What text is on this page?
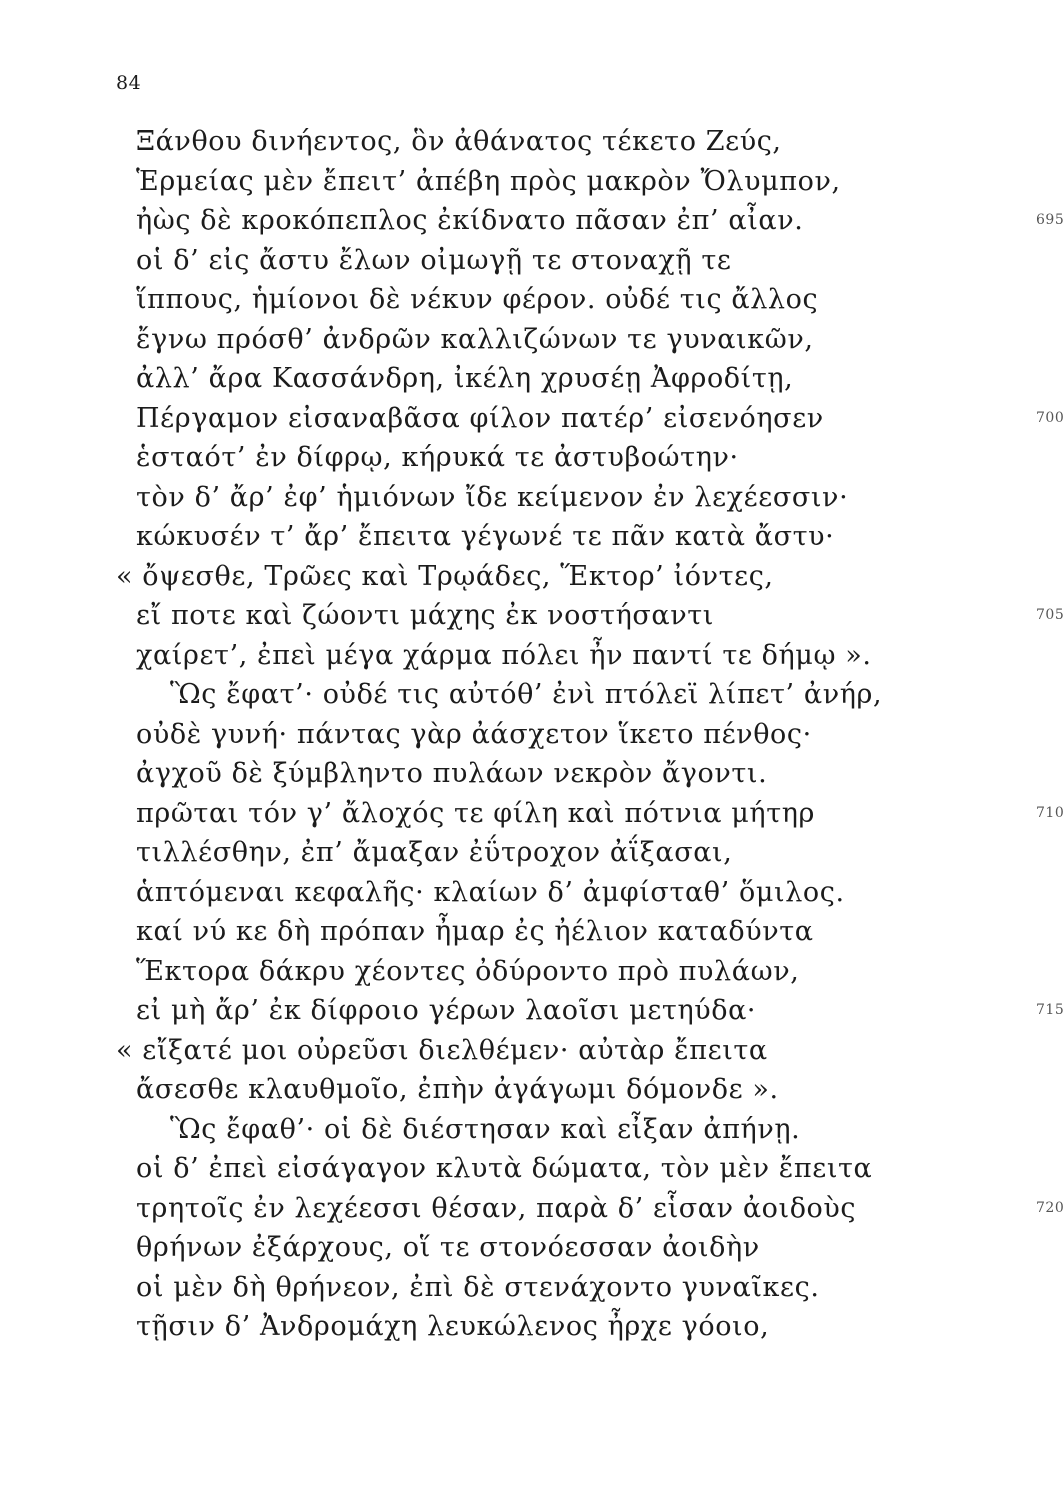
84
Ξάνθου δινήεντος, ὃν ἀθάνατος τέκετο Ζεύς,
Ἑρμείας μὲν ἔπειτ’ ἀπέβη πρὸς μακρὸν Ὄλυμπον,
ἠὼς δὲ κροκόπεπλος ἐκίδνατο πᾶσαν ἐπ’ αἶαν.	695
οἱ δ’ εἰς ἄστυ ἔλων οἰμωγῇ τε στοναχῇ τε
ἵππους, ἡμίονοι δὲ νέκυν φέρον. οὐδέ τις ἄλλος
ἔγνω πρόσθ’ ἀνδρῶν καλλιζώνων τε γυναικῶν,
ἀλλ’ ἄρα Κασσάνδρη, ἰκέλη χρυσέῃ Ἀφροδίτῃ,
Πέργαμον εἰσαναβᾶσα φίλον πατέρ’ εἰσενόησεν	700
ἑσταότ’ ἐν δίφρῳ, κήρυκά τε ἀστυβοώτην·
τὸν δ’ ἄρ’ ἐφ’ ἡμιόνων ἴδε κείμενον ἐν λεχέεσσιν·
κώκυσέν τ’ ἄρ’ ἔπειτα γέγωνέ τε πᾶν κατὰ ἄστυ·
« ὄψεσθε, Τρῶες καὶ Τρῳάδες, Ἕκτορ’ ἰόντες,
εἴ ποτε καὶ ζώοντι μάχης ἐκ νοστήσαντι	705
χαίρετ’, ἐπεὶ μέγα χάρμα πόλει ἦν παντί τε δήμῳ ».
Ὣς ἔφατ’· οὐδέ τις αὐτόθ’ ἐνὶ πτόλεϊ λίπετ’ ἀνήρ,
οὐδὲ γυνή· πάντας γὰρ ἀάσχετον ἵκετο πένθος·
ἀγχοῦ δὲ ξύμβληντο πυλάων νεκρὸν ἄγοντι.
πρῶται τόν γ’ ἄλοχός τε φίλη καὶ πότνια μήτηρ	710
τιλλέσθην, ἐπ’ ἄμαξαν ἐΰτροχον ἀΐξασαι,
ἁπτόμεναι κεφαλῆς· κλαίων δ’ ἀμφίσταθ’ ὅμιλος.
καί νύ κε δὴ πρόπαν ἦμαρ ἐς ἠέλιον καταδύντα
Ἕκτορα δάκρυ χέοντες ὀδύροντο πρὸ πυλάων,
εἰ μὴ ἄρ’ ἐκ δίφροιο γέρων λαοῖσι μετηύδα·	715
« εἴξατέ μοι οὐρεῦσι διελθέμεν· αὐτὰρ ἔπειτα
ἄσεσθε κλαυθμοῖο, ἐπὴν ἀγάγωμι δόμονδε ».
Ὣς ἔφαθ’· οἱ δὲ διέστησαν καὶ εἶξαν ἀπήνῃ.
οἱ δ’ ἐπεὶ εἰσάγαγον κλυτὰ δώματα, τὸν μὲν ἔπειτα
τρητοῖς ἐν λεχέεσσι θέσαν, παρὰ δ’ εἷσαν ἀοιδοὺς	720
θρήνων ἐξάρχους, οἵ τε στονόεσσαν ἀοιδὴν
οἱ μὲν δὴ θρήνεον, ἐπὶ δὲ στενάχοντο γυναῖκες.
τῇσιν δ’ Ἀνδρομάχη λευκώλενος ἦρχε γόοιο,
